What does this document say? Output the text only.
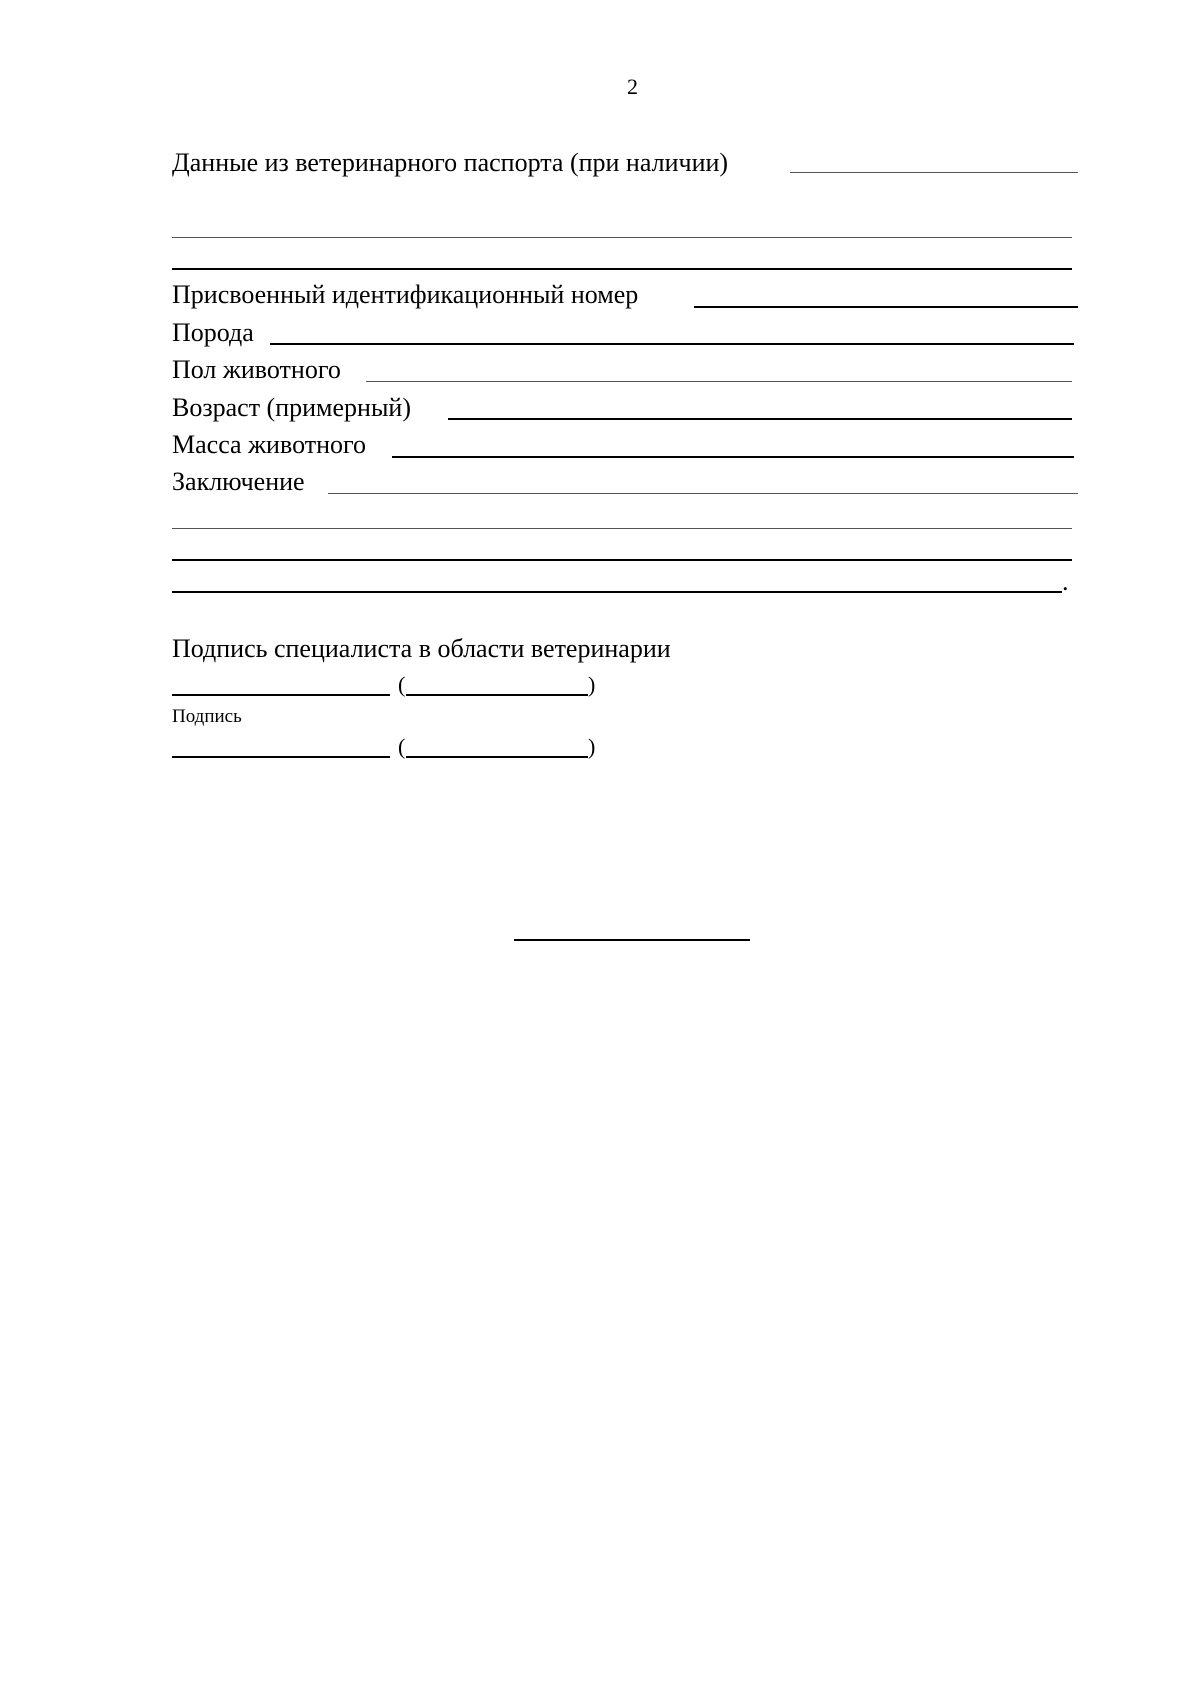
2
Данные из ветеринарного паспорта (при наличии)
Присвоенный идентификационный номер
Порода
Пол животного
Возраст (примерный)
Масса животного
Заключение
.
Подпись специалиста в области ветеринарии
(	)
Подпись
(	)
